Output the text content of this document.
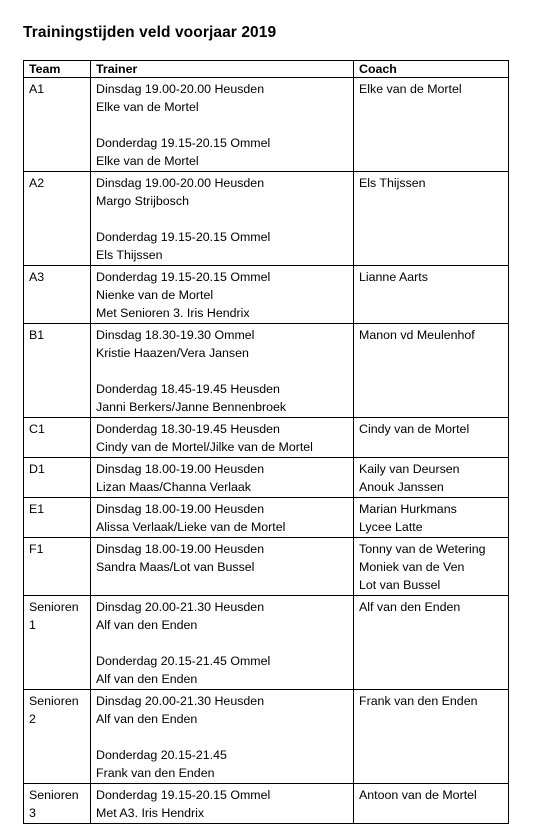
Trainingstijden veld voorjaar 2019
Team	Trainer	Coach

A1	Dinsdag 19.00-20.00 Heusden
Elke van de Mortel
Donderdag 19.15-20.15 Ommel
Elke van de Mortel	Elke van de Mortel

A2	Dinsdag 19.00-20.00 Heusden
Margo Strijbosch
Donderdag 19.15-20.15 Ommel
Els Thijssen	Els Thijssen

A3	Donderdag 19.15-20.15 Ommel
Nienke van de Mortel
Met Senioren 3. Iris Hendrix	Lianne Aarts

B1	Dinsdag 18.30-19.30 Ommel
Kristie Haazen/Vera Jansen
Donderdag 18.45-19.45 Heusden
Janni Berkers/Janne Bennenbroek	Manon vd Meulenhof

C1	Donderdag 18.30-19.45 Heusden
Cindy van de Mortel/Jilke van de Mortel	Cindy van de Mortel

D1	Dinsdag 18.00-19.00 Heusden
Lizan Maas/Channa Verlaak	Kaily van Deursen
Anouk Janssen

E1	Dinsdag 18.00-19.00 Heusden
Alissa Verlaak/Lieke van de Mortel	Marian Hurkmans
Lycee Latte

F1	Dinsdag 18.00-19.00 Heusden
Sandra Maas/Lot van Bussel	Tonny van de Wetering
Moniek van de Ven
Lot van Bussel

Senioren
1	Dinsdag 20.00-21.30 Heusden
Alf van den Enden
Donderdag 20.15-21.45 Ommel
Alf van den Enden	Alf van den Enden

Senioren
2	Dinsdag 20.00-21.30 Heusden
Alf van den Enden
Donderdag 20.15-21.45
Frank van den Enden	Frank van den Enden

Senioren
3	Donderdag 19.15-20.15 Ommel
Met A3. Iris Hendrix	Antoon van de Mortel
